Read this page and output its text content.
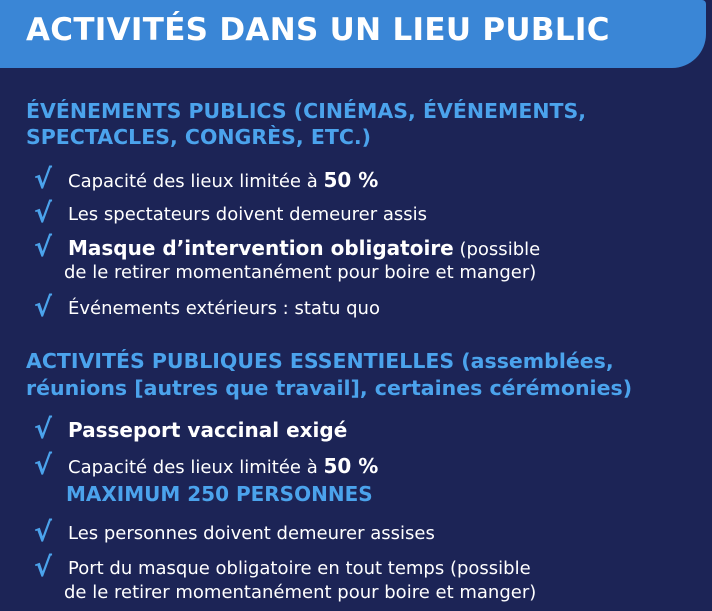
ACTIVITÉS DANS UN LIEU PUBLIC
ÉVÉNEMENTS PUBLICS (CINÉMAS, ÉVÉNEMENTS,
SPECTACLES, CONGRÈS, ETC.)
√ Capacité des lieux limitée à 50 %
√ Les spectateurs doivent demeurer assis
√ Masque d’intervention obligatoire (possible
de le retirer momentanément pour boire et manger)
√ Événements extérieurs : statu quo
ACTIVITÉS PUBLIQUES ESSENTIELLES (assemblées,
réunions [autres que travail], certaines cérémonies)
√ Passeport vaccinal exigé
√ Capacité des lieux limitée à 50 %
MAXIMUM 250 PERSONNES
√ Les personnes doivent demeurer assises
√ Port du masque obligatoire en tout temps (possible
de le retirer momentanément pour boire et manger)
